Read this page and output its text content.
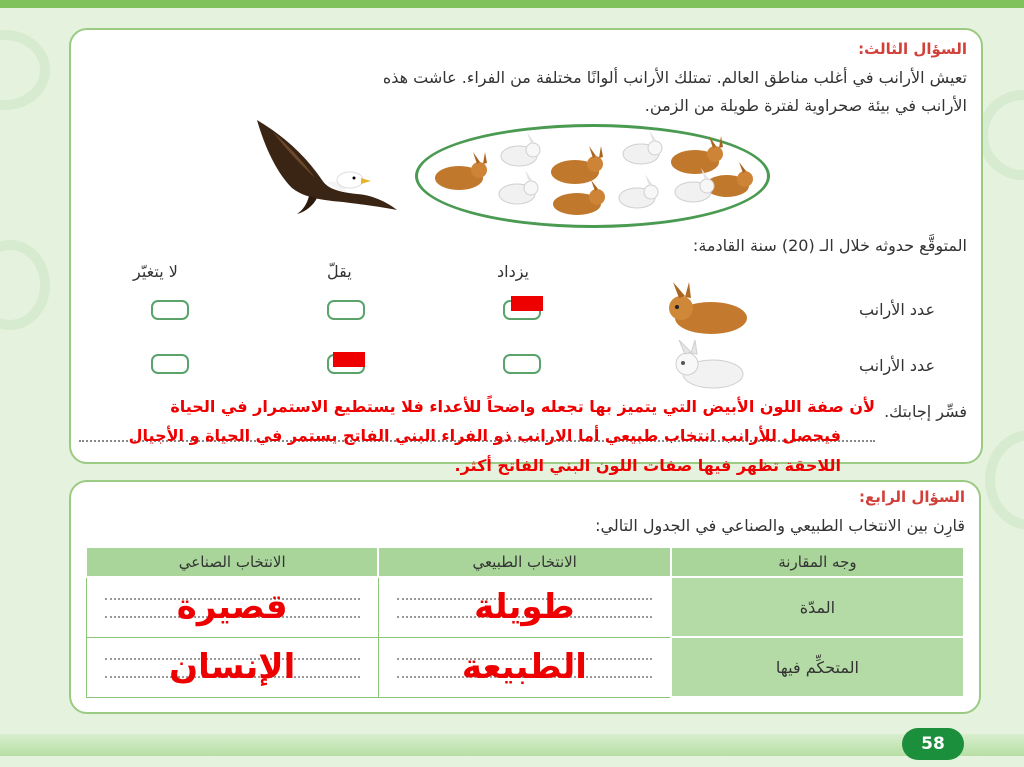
السؤال الثالث:
تعيش الأرانب في أغلب مناطق العالم. تمتلك الأرانب ألوانًا مختلفة من الفراء. عاشت هذه
الأرانب في بيئة صحراوية لفترة طويلة من الزمن.
المتوقَّع حدوثه خلال الـ (20) سنة القادمة:
يزداد
يقلّ
لا يتغيّر
عدد الأرانب
عدد الأرانب
فسِّر إجابتك.
لأن صفة اللون الأبيض التي يتميز بها تجعله واضحاً للأعداء فلا يستطيع الاستمرار في الحياة
فيحصل للأرانب انتخاب طبيعي أما الارانب ذو الفراء البني الفاتح يستمر في الحياة و الأجيال
اللاحقة تظهر فيها صفات اللون البني الفاتح أكثر.
السؤال الرابع:
قارِن بين الانتخاب الطبيعي والصناعي في الجدول التالي:
وجه المقارنة	الانتخاب الطبيعي	الانتخاب الصناعي
المدّة	طويلة	قصيرة

المتحكِّم فيها	الطبيعة	الإنسان
58
